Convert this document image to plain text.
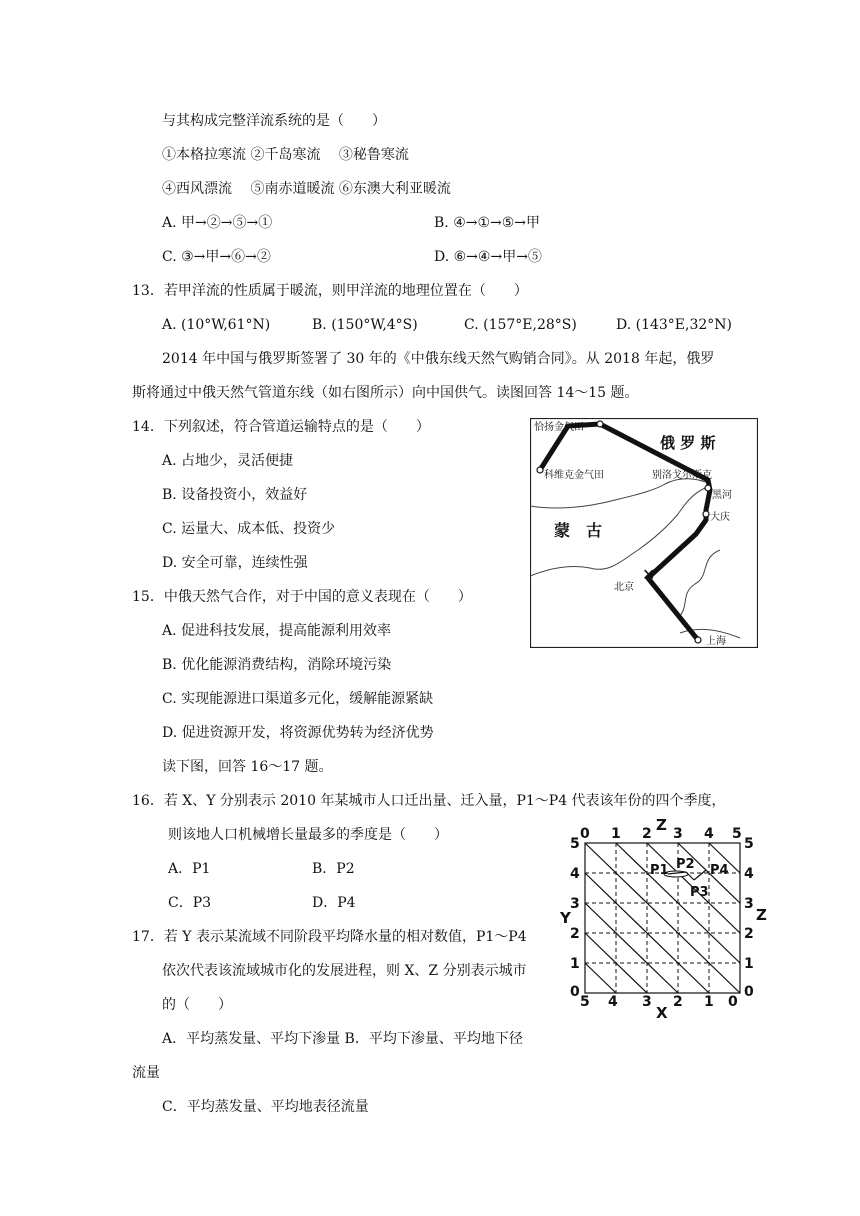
与其构成完整洋流系统的是（　　）
①本格拉寒流 ②千岛寒流　 ③秘鲁寒流
④西风漂流　 ⑤南赤道暖流 ⑥东澳大利亚暖流
A. 甲→②→⑤→①	B. ④→①→⑤→甲
C. ③→甲→⑥→②	D. ⑥→④→甲→⑤
13．若甲洋流的性质属于暖流，则甲洋流的地理位置在（　　）
A. (10°W,61°N)	B. (150°W,4°S)	C. (157°E,28°S)	D. (143°E,32°N)
2014 年中国与俄罗斯签署了 30 年的《中俄东线天然气购销合同》。从 2018 年起，俄罗
斯将通过中俄天然气管道东线（如右图所示）向中国供气。读图回答 14～15 题。
14．下列叙述，符合管道运输特点的是（　　）
A. 占地少，灵活便捷
B. 设备投资小，效益好
C. 运量大、成本低、投资少
D. 安全可靠，连续性强
15．中俄天然气合作，对于中国的意义表现在（　　）
A. 促进科技发展，提高能源利用效率
B. 优化能源消费结构，消除环境污染
C. 实现能源进口渠道多元化，缓解能源紧缺
D. 促进资源开发，将资源优势转为经济优势
读下图，回答 16～17 题。
16．若 X、Y 分别表示 2010 年某城市人口迁出量、迁入量，P1～P4 代表该年份的四个季度，
则该地人口机械增长量最多的季度是（　　）
A．P1	B．P2
C．P3	D．P4
17．若 Y 表示某流域不同阶段平均降水量的相对数值，P1～P4
依次代表该流域城市化的发展进程，则 X、Z 分别表示城市
的（　　）
A．平均蒸发量、平均下渗量 B．平均下渗量、平均地下径
流量
C．平均蒸发量、平均地表径流量
✕
恰扬金气田
科维克金气田
俄 罗 斯
别洛戈尔斯克
黑河
大庆
蒙　古
北京
上海
0 1 2 3 4 5
5 4 3 2 1 0
5
4
3
2
1
0
5
4
3
2
1
0
Z
Y	Z
X
P1 P2
P3
P4
